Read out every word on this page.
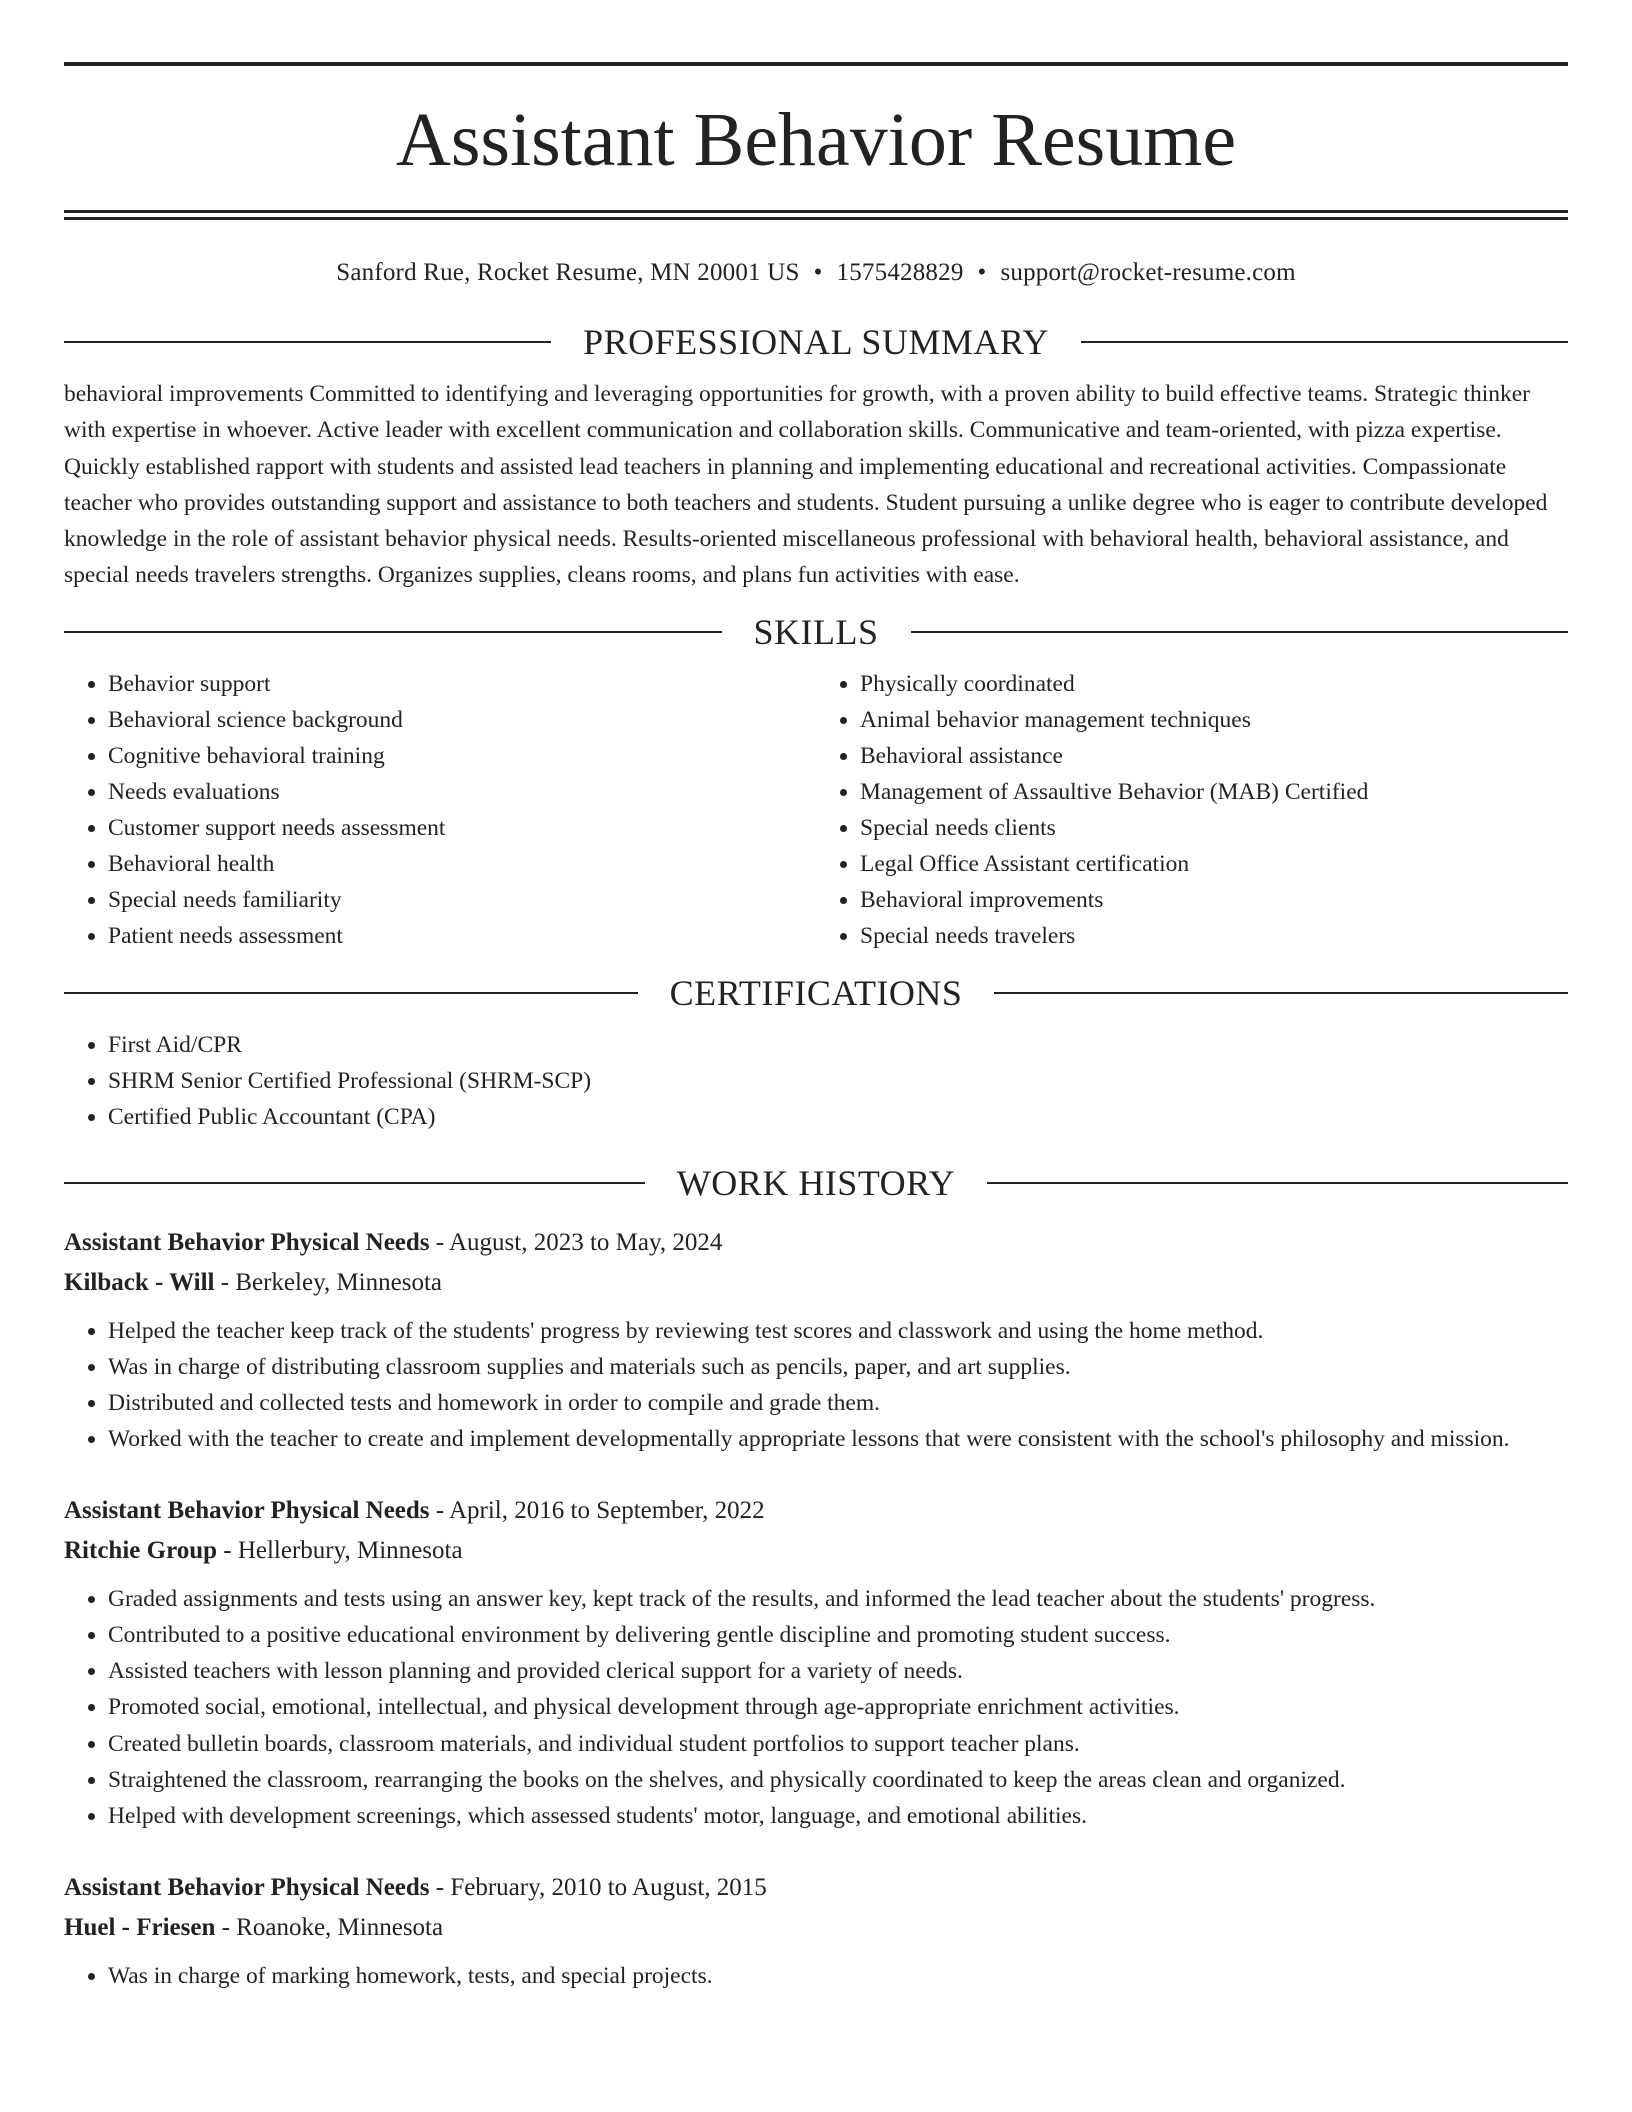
Assistant Behavior Resume
Sanford Rue, Rocket Resume, MN 20001 US • 1575428829 • support@rocket-resume.com
PROFESSIONAL SUMMARY

behavioral improvements Committed to identifying and leveraging opportunities for growth, with a proven ability to build effective teams. Strategic thinker with expertise in whoever. Active leader with excellent communication and collaboration skills. Communicative and team-oriented, with pizza expertise. Quickly established rapport with students and assisted lead teachers in planning and implementing educational and recreational activities. Compassionate teacher who provides outstanding support and assistance to both teachers and students. Student pursuing a unlike degree who is eager to contribute developed knowledge in the role of assistant behavior physical needs. Results-oriented miscellaneous professional with behavioral health, behavioral assistance, and special needs travelers strengths. Organizes supplies, cleans rooms, and plans fun activities with ease.

SKILLS
• Behavior support
• Behavioral science background
• Cognitive behavioral training
• Needs evaluations
• Customer support needs assessment
• Behavioral health
• Special needs familiarity
• Patient needs assessment
• Physically coordinated
• Animal behavior management techniques
• Behavioral assistance
• Management of Assaultive Behavior (MAB) Certified
• Special needs clients
• Legal Office Assistant certification
• Behavioral improvements
• Special needs travelers
CERTIFICATIONS
• First Aid/CPR
• SHRM Senior Certified Professional (SHRM-SCP)
• Certified Public Accountant (CPA)
WORK HISTORY
Assistant Behavior Physical Needs - August, 2023 to May, 2024
Kilback - Will - Berkeley, Minnesota
• Helped the teacher keep track of the students' progress by reviewing test scores and classwork and using the home method.
• Was in charge of distributing classroom supplies and materials such as pencils, paper, and art supplies.
• Distributed and collected tests and homework in order to compile and grade them.
• Worked with the teacher to create and implement developmentally appropriate lessons that were consistent with the school's philosophy and mission.
Assistant Behavior Physical Needs - April, 2016 to September, 2022
Ritchie Group - Hellerbury, Minnesota
• Graded assignments and tests using an answer key, kept track of the results, and informed the lead teacher about the students' progress.
• Contributed to a positive educational environment by delivering gentle discipline and promoting student success.
• Assisted teachers with lesson planning and provided clerical support for a variety of needs.
• Promoted social, emotional, intellectual, and physical development through age-appropriate enrichment activities.
• Created bulletin boards, classroom materials, and individual student portfolios to support teacher plans.
• Straightened the classroom, rearranging the books on the shelves, and physically coordinated to keep the areas clean and organized.
• Helped with development screenings, which assessed students' motor, language, and emotional abilities.
Assistant Behavior Physical Needs - February, 2010 to August, 2015
Huel - Friesen - Roanoke, Minnesota
• Was in charge of marking homework, tests, and special projects.
